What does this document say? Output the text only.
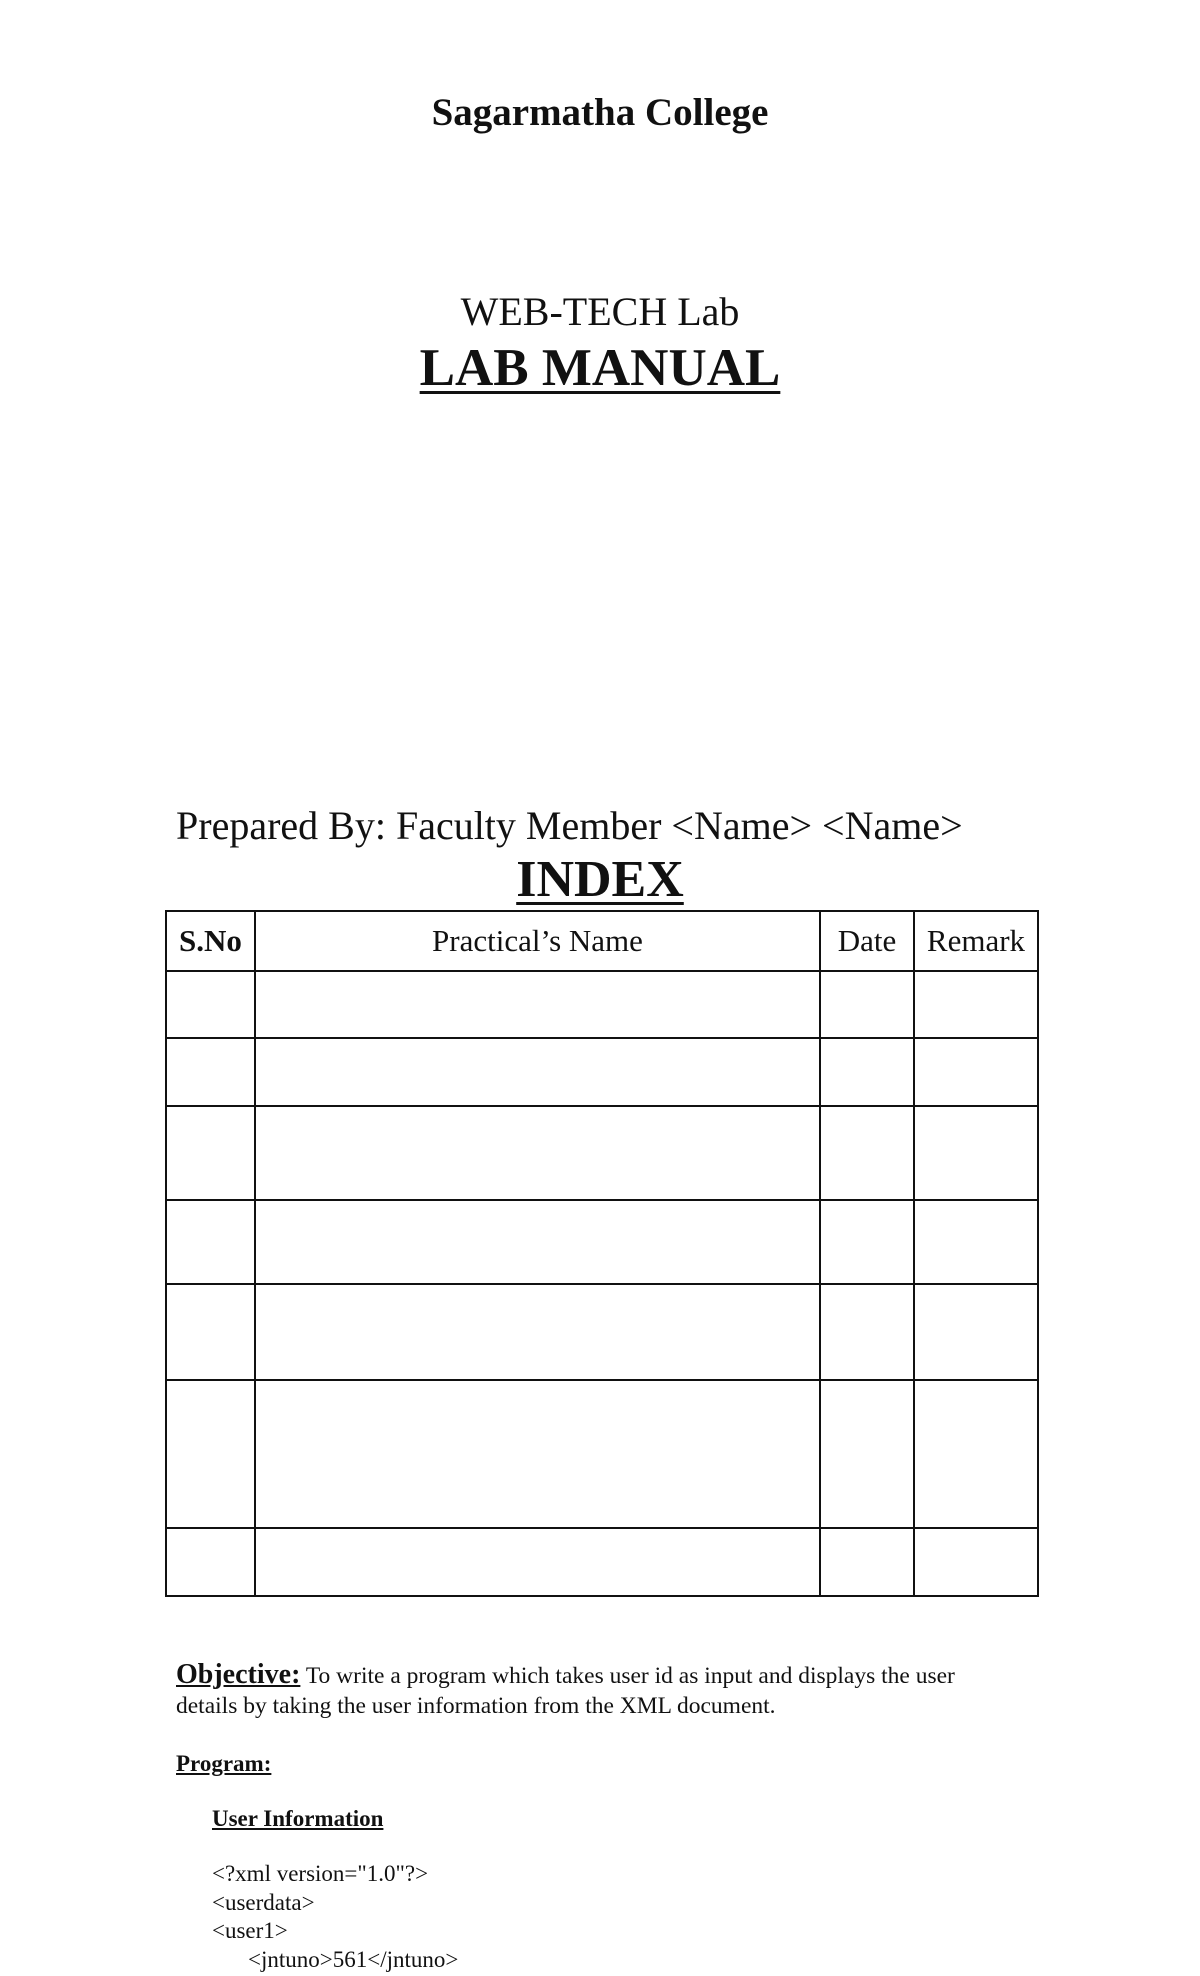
Sagarmatha College
WEB-TECH Lab
LAB MANUAL
Prepared By: Faculty Member <Name> <Name>
INDEX
S.No	Practical’s Name	Date	Remark

Objective: To write a program which takes user id as input and displays the user details by taking the user information from the XML document.
Program:
User Information
<?xml version="1.0"?>
<userdata>
<user1>
<jntuno>561</jntuno>
